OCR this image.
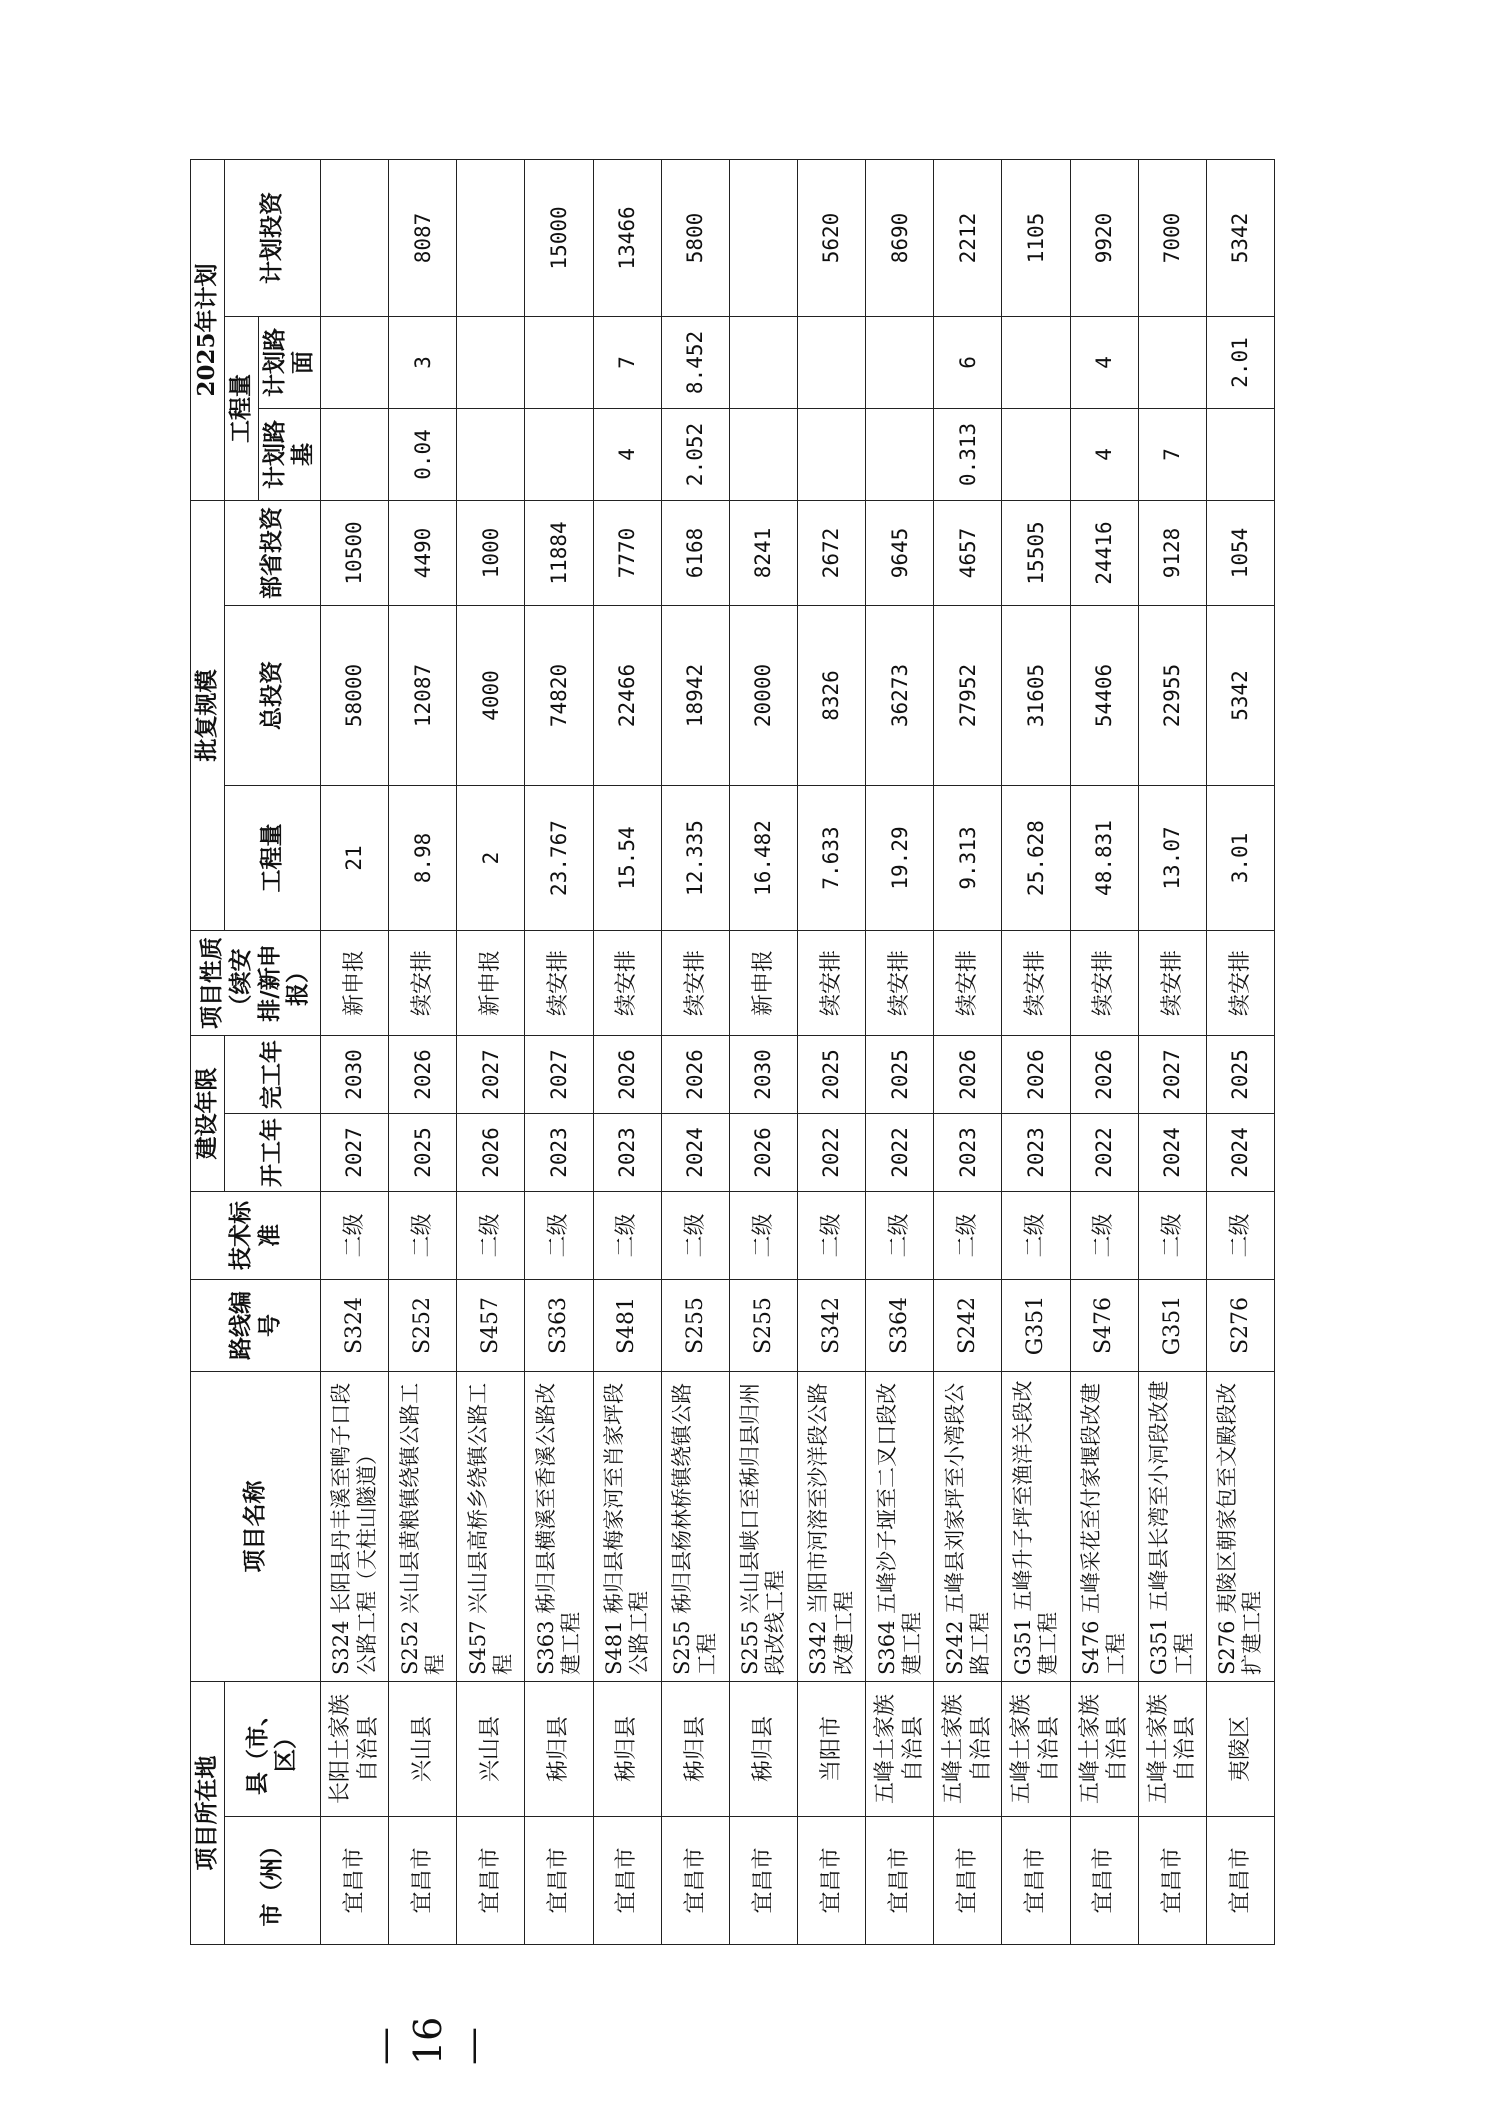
项目所在地		项目名称	路线编号	技术标准	建设年限		项目性质（续安排/新申报）	批复规模			2025年计划		
市（州）	县（市、区）				开工年	完工年		工程量	总投资	部省投资	工程量		计划投资
											计划路基	计划路面	
宜昌市	长阳土家族自治县	S324 长阳县丹丰溪至鸭子口段公路工程（天柱山隧道）	S324	二级	2027	2030	新申报	21	58000	10500			
宜昌市	兴山县	S252 兴山县黄粮镇绕镇公路工程	S252	二级	2025	2026	续安排	8.98	12087	4490	0.04	3	8087
宜昌市	兴山县	S457 兴山县高桥乡绕镇公路工程	S457	二级	2026	2027	新申报	2	4000	1000			
宜昌市	秭归县	S363 秭归县横溪至香溪公路改建工程	S363	二级	2023	2027	续安排	23.767	74820	11884			15000
宜昌市	秭归县	S481 秭归县梅家河至肖家坪段公路工程	S481	二级	2023	2026	续安排	15.54	22466	7770	4	7	13466
宜昌市	秭归县	S255 秭归县杨林桥镇绕镇公路工程	S255	二级	2024	2026	续安排	12.335	18942	6168	2.052	8.452	5800
宜昌市	秭归县	S255 兴山县峡口至秭归县归州段改线工程	S255	二级	2026	2030	新申报	16.482	20000	8241			
宜昌市	当阳市	S342 当阳市河溶至沙洋段公路改建工程	S342	二级	2022	2025	续安排	7.633	8326	2672			5620
宜昌市	五峰土家族自治县	S364 五峰沙子垭至二叉口段改建工程	S364	二级	2022	2025	续安排	19.29	36273	9645			8690
宜昌市	五峰土家族自治县	S242 五峰县刘家坪至小湾段公路工程	S242	二级	2023	2026	续安排	9.313	27952	4657	0.313	6	2212
宜昌市	五峰土家族自治县	G351 五峰升子坪至渔洋关段改建工程	G351	二级	2023	2026	续安排	25.628	31605	15505			1105
宜昌市	五峰土家族自治县	S476 五峰采花至付家堰段改建工程	S476	二级	2022	2026	续安排	48.831	54406	24416	4	4	9920
宜昌市	五峰土家族自治县	G351 五峰县长湾至小河段改建工程	G351	二级	2024	2027	续安排	13.07	22955	9128	7		7000
宜昌市	夷陵区	S276 夷陵区朝家包至文殿段改扩建工程	S276	二级	2024	2025	续安排	3.01	5342	1054		2.01	5342
— 16 —
